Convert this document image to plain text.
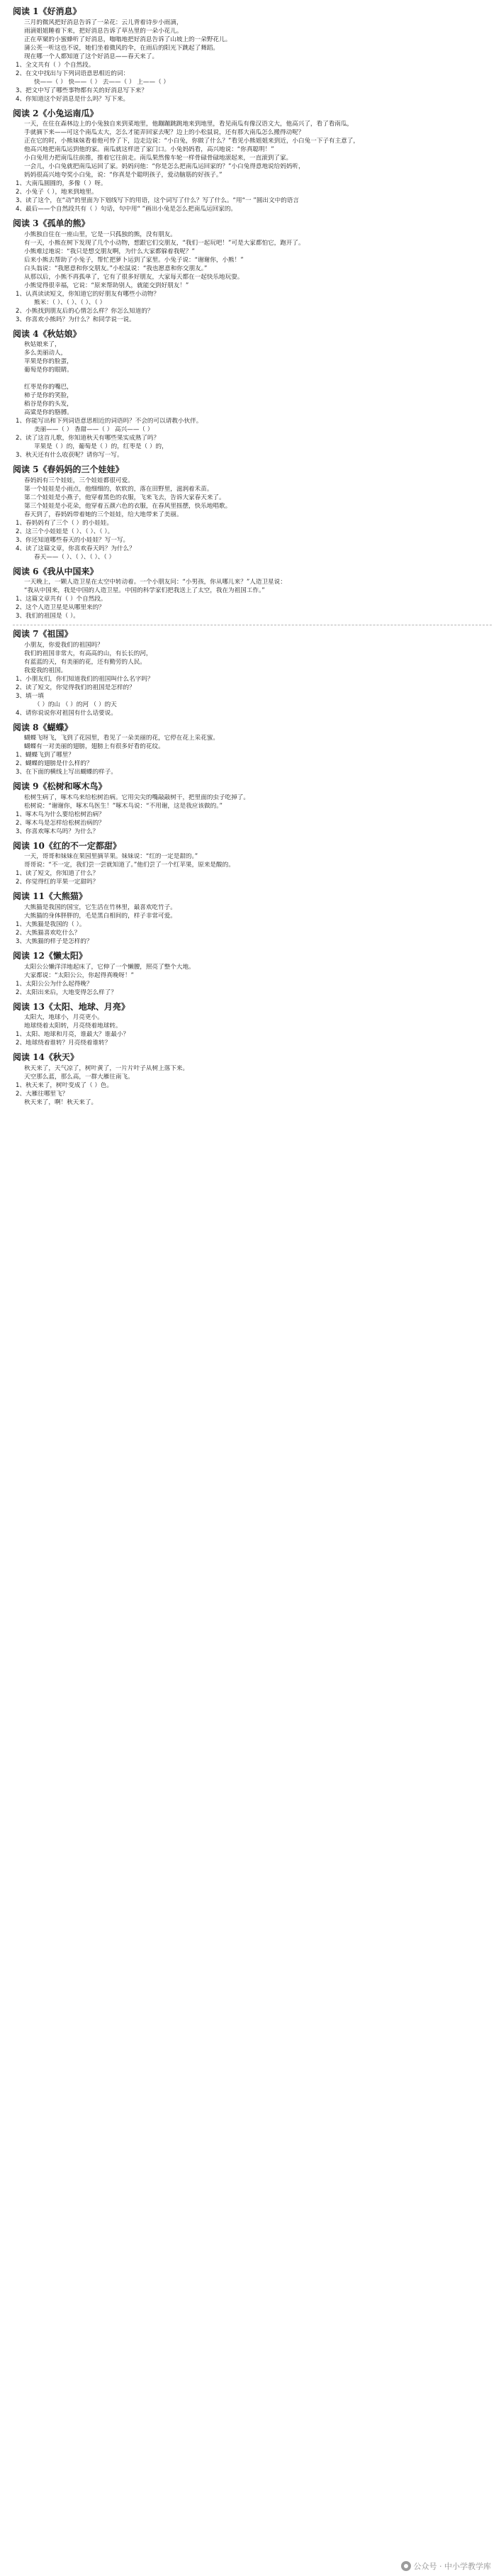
阅读 1《好消息》
三月的微风把好消息告诉了一朵花：云儿背着诗步小雨滴，
雨滴姐姐睡着下来，把好消息告诉了草丛里的一朵小花儿。
正在草窠的小蜜蜂听了好消息，嗡嗡地把好消息告诉了山坡上的一朵野花儿。
蒲公英一听这也不说，她们坐着微风的伞，在雨后的阳光下跳起了舞蹈。
现在哪一个人都知道了这个好消息——春天来了。
1、全文共有（ ）个自然段。
2、在文中找出与下列词语意思相近的词：
快——（ ） 快——（ ） 去——（ ） 上——（ ）
3、把文中写了哪些事物都有关的好消息写下来？
4、你知道这个好消息是什么吗？写下来。
阅读 2《小兔运南瓜》
一天，在住在森林边上的小兔独自来到菜地里，他蹦蹦跳跳地来到地里，看见南瓜有像汉语文大，他高兴了，看了看南瓜，
手就摘下来——可这个南瓜太大，怎么才能弄回家去呢？边上的小松鼠说，还有那大南瓜怎么搬得动呢？
正在它的时，小熊妹妹看着他可怜了下，边走边说：“小白兔，你做了什么？”看见小熊姐姐来到近，小白兔一下子有主意了，
他高兴地把南瓜运到他的家。南瓜就这样进了家门口。小兔妈妈看，高兴地说：“你真聪明！”
小白兔用力把南瓜往前推，推着它往前走。南瓜果然像车轮一样骨碌骨碌地滚起来，一直滚到了家。
一会儿，小白兔就把南瓜运回了家。妈妈问他：“你是怎么把南瓜运回家的？”小白兔得意地说给妈妈听，
妈妈很高兴地夸奖小白兔，说：“你真是个聪明孩子，爱动脑筋的好孩子。”
1、大南瓜圆圆的，多像（ ）呀。
2、小兔子（ ），地来到地里。
3、读了这个，在“动”的里面为下划线写下的用语，这个词写了什么？写了什么。“用“一 ”圆出文中的语言
4、最后——个自然段共有（ ）句话，句中用“ ”画出小兔是怎么把南瓜运回家的。
阅读 3《孤单的熊》
小熊独自住在一座山里，它是一只孤独的熊，没有朋友。
有一天，小熊在树下发现了几个小动物，想跟它们交朋友，“我们一起玩吧！”可是大家都怕它，跑开了。
小熊难过地说：“我只是想交朋友啊，为什么大家都躲着我呢？”
后来小熊去帮助了小兔子，帮忙把萝卜运到了家里。小兔子说：“谢谢你，小熊！”
白头翁说：“我愿意和你交朋友。”小松鼠说：“我也愿意和你交朋友。”
从那以后，小熊不再孤单了，它有了很多好朋友，大家每天都在一起快乐地玩耍。
小熊觉得很幸福，它说：“原来帮助别人，就能交到好朋友！”
1、认真读读短文，你知道它的好朋友有哪些小动物？
熊米：（ ）、（ ）、（ ）、（ ）
2、小熊找到朋友后的心情怎么样？你怎么知道的？
3、你喜欢小熊吗？为什么？和同学说一说。
阅读 4《秋姑娘》
秋姑娘来了，
多么美丽动人，
苹果是你的脸蛋，
葡萄是你的眼睛。
红枣是你的嘴巴，
柿子是你的笑脸，
稻谷是你的头发，
高粱是你的胳膊。
1、你能写出和下列词语意思相近的词语吗？不会的可以请教小伙伴。
美丽——（ ） 香甜——（ ） 高兴——（ ）
2、读了这首儿歌，你知道秋天有哪些果实成熟了吗？
苹果是（ ）的，葡萄是（ ）的，红枣是（ ）的，
3、秋天还有什么收获呢？请你写一写。
阅读 5《春妈妈的三个娃娃》
春妈妈有三个娃娃，三个娃娃都很可爱。
第一个娃娃是小雨点，他细细的，软软的，落在田野里，滋润着禾苗。
第二个娃娃是小燕子，他穿着黑色的衣服，飞来飞去，告诉大家春天来了。
第三个娃娃是小花朵，他穿着五颜六色的衣服，在春风里摇摆，快乐地唱歌。
春天到了，春妈妈带着她的三个娃娃，给大地带来了美丽。
1、春妈妈有了三个（ ）的小娃娃。
2、这三个小娃娃是（ ）、（ ）、（ ）。
3、你还知道哪些春天的小娃娃？写一写。
4、读了这篇文章，你喜欢春天吗？为什么？
春天——（ ）、（ ）、（ ）、（ ）
阅读 6《我从中国来》
一天晚上，一颗人造卫星在太空中转动着。一个小朋友问：“小男孩，你从哪儿来？”人造卫星说：
“我从中国来，我是中国的人造卫星。中国的科学家们把我送上了太空，我在为祖国工作。”
1、这篇文章共有（ ）个自然段。
2、这个人造卫星是从哪里来的？
3、我们的祖国是（ ）。
阅读 7《祖国》
小朋友，你爱我们的祖国吗？
我们的祖国非常大，有高高的山，有长长的河，
有蓝蓝的天，有美丽的花，还有勤劳的人民。
我爱我的祖国。
1、小朋友们，你们知道我们的祖国叫什么名字吗？
2、读了短文，你觉得我们的祖国是怎样的？
3、填一填
（ ）的山 （ ）的河 （ ）的天
4、请你说说你对祖国有什么话要说。
阅读 8《蝴蝶》
蝴蝶飞呀飞，飞到了花园里，看见了一朵美丽的花，它停在花上采花蜜。
蝴蝶有一对美丽的翅膀，翅膀上有很多好看的花纹。
1、蝴蝶飞到了哪里？
2、蝴蝶的翅膀是什么样的？
3、在下面的横线上写出蝴蝶的样子。
阅读 9《松树和啄木鸟》
松树生病了，啄木鸟来给松树治病。它用尖尖的嘴敲敲树干，把里面的虫子吃掉了。
松树说：“谢谢你，啄木鸟医生！”啄木鸟说：“不用谢，这是我应该做的。”
1、啄木鸟为什么要给松树治病？
2、啄木鸟是怎样给松树治病的？
3、你喜欢啄木鸟吗？为什么？
阅读 10《红的不一定都甜》
一天，哥哥和妹妹在果园里摘苹果。妹妹说：“红的一定是甜的。”
哥哥说：“不一定，我们尝一尝就知道了。”他们尝了一个红苹果，原来是酸的。
1、读了短文，你知道了什么？
2、你觉得红的苹果一定甜吗？
阅读 11《大熊猫》
大熊猫是我国的国宝，它生活在竹林里，最喜欢吃竹子。
大熊猫的身体胖胖的，毛是黑白相间的，样子非常可爱。
1、大熊猫是我国的（ ）。
2、大熊猫喜欢吃什么？
3、大熊猫的样子是怎样的？
阅读 12《懒太阳》
太阳公公懒洋洋地起床了，它伸了一个懒腰，照亮了整个大地。
大家都说：“太阳公公，你起得真晚呀！”
1、太阳公公为什么起得晚？
2、太阳出来后，大地变得怎么样了？
阅读 13《太阳、地球、月亮》
太阳大，地球小，月亮更小。
地球绕着太阳转，月亮绕着地球转。
1、太阳、地球和月亮，谁最大？谁最小？
2、地球绕着谁转？月亮绕着谁转？
阅读 14《秋天》
秋天来了，天气凉了，树叶黄了，一片片叶子从树上落下来。
天空那么蓝，那么高，一群大雁往南飞。
1、秋天来了，树叶变成了（ ）色。
2、大雁往哪里飞？
秋天来了，啊！秋天来了。
公众号 · 中小学教学库
